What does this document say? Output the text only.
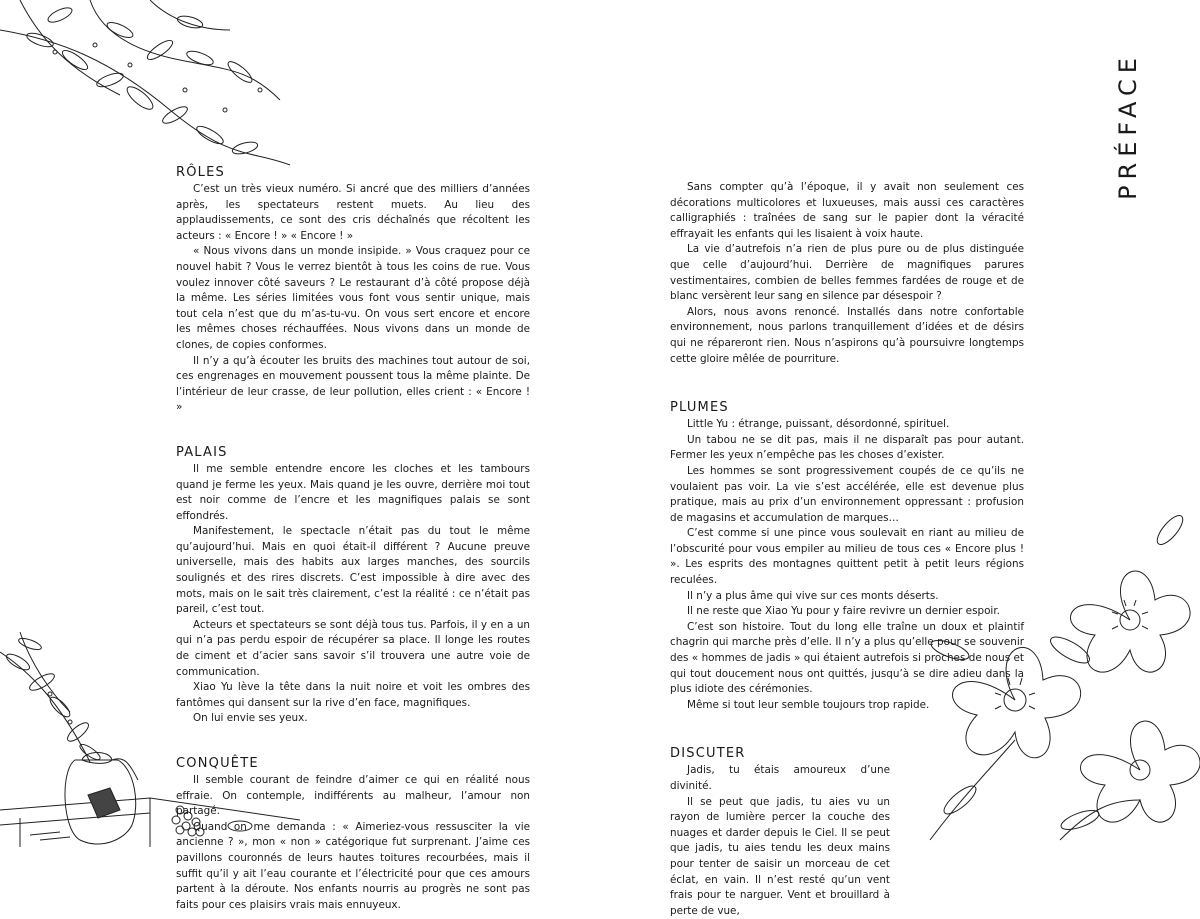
PRÉFACE
RÔLES

C’est un très vieux numéro. Si ancré que des milliers d’années après, les spectateurs restent muets. Au lieu des applaudissements, ce sont des cris déchaînés que récoltent les acteurs : « Encore ! » « Encore ! »

« Nous vivons dans un monde insipide. » Vous craquez pour ce nouvel habit ? Vous le verrez bientôt à tous les coins de rue. Vous voulez innover côté saveurs ? Le restaurant d’à côté propose déjà la même. Les séries limitées vous font vous sentir unique, mais tout cela n’est que du m’as-tu-vu. On vous sert encore et encore les mêmes choses réchauffées. Nous vivons dans un monde de clones, de copies conformes.

Il n’y a qu’à écouter les bruits des machines tout autour de soi, ces engrenages en mouvement poussent tous la même plainte. De l’intérieur de leur crasse, de leur pollution, elles crient : « Encore ! »

PALAIS

Il me semble entendre encore les cloches et les tambours quand je ferme les yeux. Mais quand je les ouvre, derrière moi tout est noir comme de l’encre et les magnifiques palais se sont effondrés.

Manifestement, le spectacle n’était pas du tout le même qu’aujourd’hui. Mais en quoi était-il différent ? Aucune preuve universelle, mais des habits aux larges manches, des sourcils soulignés et des rires discrets. C’est impossible à dire avec des mots, mais on le sait très clairement, c’est la réalité : ce n’était pas pareil, c’est tout.

Acteurs et spectateurs se sont déjà tous tus. Parfois, il y en a un qui n’a pas perdu espoir de récupérer sa place. Il longe les routes de ciment et d’acier sans savoir s’il trouvera une autre voie de communication.

Xiao Yu lève la tête dans la nuit noire et voit les ombres des fantômes qui dansent sur la rive d’en face, magnifiques.

On lui envie ses yeux.

CONQUÊTE

Il semble courant de feindre d’aimer ce qui en réalité nous effraie. On contemple, indifférents au malheur, l’amour non partagé.

Quand on me demanda : « Aimeriez-vous ressusciter la vie ancienne ? », mon « non » catégorique fut surprenant. J’aime ces pavillons couronnés de leurs hautes toitures recourbées, mais il suffit qu’il y ait l’eau courante et l’électricité pour que ces amours partent à la déroute. Nos enfants nourris au progrès ne sont pas faits pour ces plaisirs vrais mais ennuyeux.

Sans compter qu’à l’époque, il y avait non seulement ces décorations multicolores et luxueuses, mais aussi ces caractères calligraphiés : traînées de sang sur le papier dont la véracité effrayait les enfants qui les lisaient à voix haute.

La vie d’autrefois n’a rien de plus pure ou de plus distinguée que celle d’aujourd’hui. Derrière de magnifiques parures vestimentaires, combien de belles femmes fardées de rouge et de blanc versèrent leur sang en silence par désespoir ?

Alors, nous avons renoncé. Installés dans notre confortable environnement, nous parlons tranquillement d’idées et de désirs qui ne répareront rien. Nous n’aspirons qu’à poursuivre longtemps cette gloire mêlée de pourriture.

PLUMES

Little Yu : étrange, puissant, désordonné, spirituel.

Un tabou ne se dit pas, mais il ne disparaît pas pour autant. Fermer les yeux n’empêche pas les choses d’exister.

Les hommes se sont progressivement coupés de ce qu’ils ne voulaient pas voir. La vie s’est accélérée, elle est devenue plus pratique, mais au prix d’un environnement oppressant : profusion de magasins et accumulation de marques…

C’est comme si une pince vous soulevait en riant au milieu de l’obscurité pour vous empiler au milieu de tous ces « Encore plus ! ». Les esprits des montagnes quittent petit à petit leurs régions reculées.

Il n’y a plus âme qui vive sur ces monts déserts.

Il ne reste que Xiao Yu pour y faire revivre un dernier espoir.

C’est son histoire. Tout du long elle traîne un doux et plaintif chagrin qui marche près d’elle. Il n’y a plus qu’elle pour se souvenir des « hommes de jadis » qui étaient autrefois si proches de nous et qui tout doucement nous ont quittés, jusqu’à se dire adieu dans la plus idiote des cérémonies.

Même si tout leur semble toujours trop rapide.

DISCUTER

Jadis, tu étais amoureux d’une divinité.

Il se peut que jadis, tu aies vu un rayon de lumière percer la couche des nuages et darder depuis le Ciel. Il se peut que jadis, tu aies tendu les deux mains pour tenter de saisir un morceau de cet éclat, en vain. Il n’est resté qu’un vent frais pour te narguer. Vent et brouillard à perte de vue,
